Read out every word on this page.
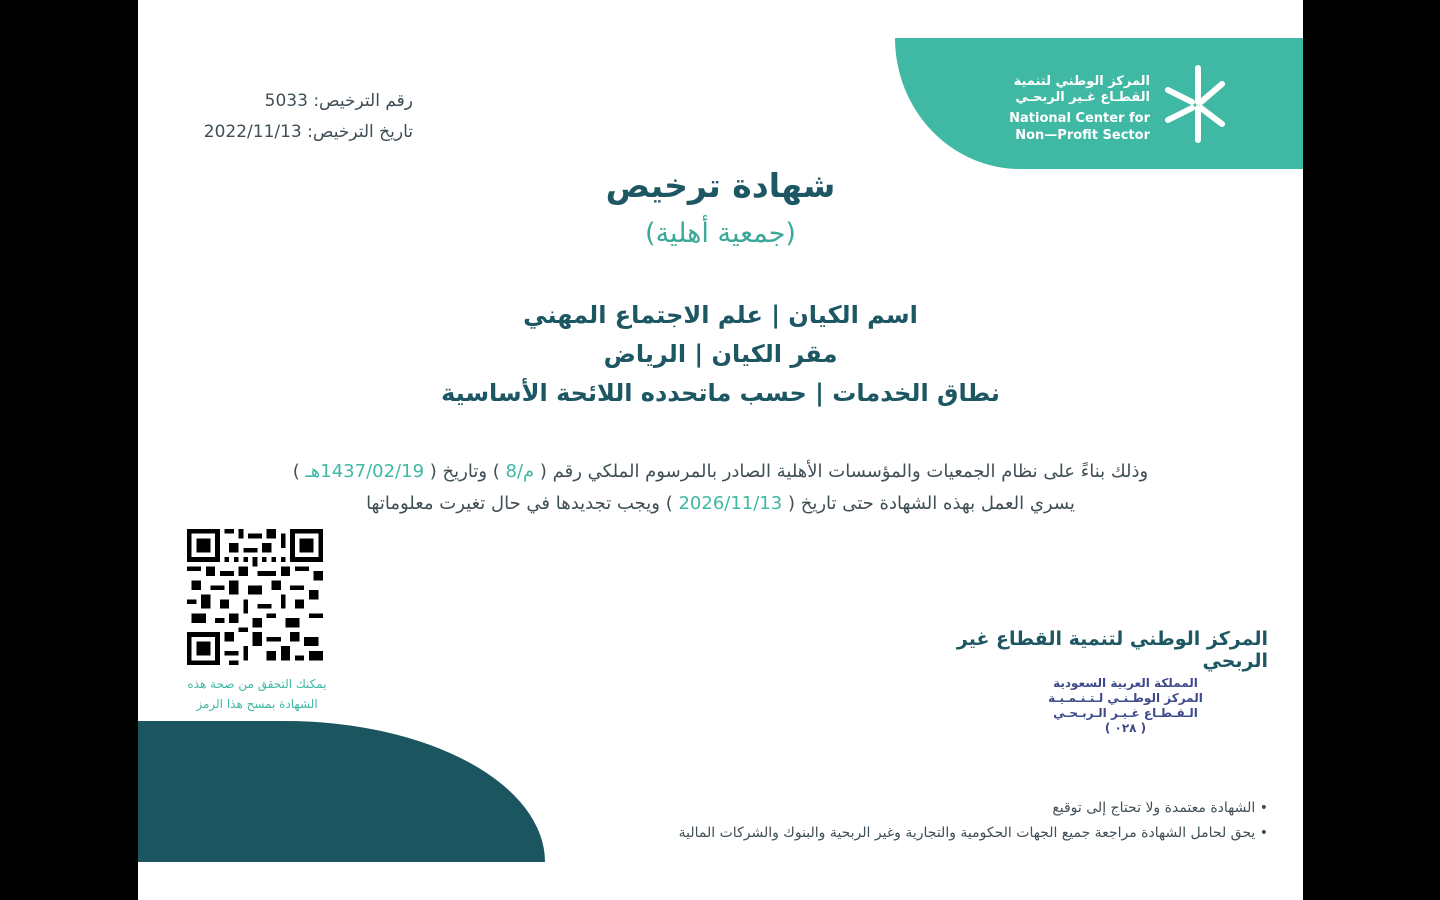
المركز الوطني لتنمية
القطـاع غـير الربحـي
National Center for
Non—Profit Sector
رقم الترخيص: 5033
تاريخ الترخيص: 2022/11/13
شهادة ترخيص
(جمعية أهلية)
اسم الكيان | علم الاجتماع المهني
مقر الكيان | الرياض
نطاق الخدمات | حسب ماتحدده اللائحة الأساسية
وذلك بناءً على نظام الجمعيات والمؤسسات الأهلية الصادر بالمرسوم الملكي رقم ( م/8 ) وتاريخ ( 1437/02/19هـ )
يسري العمل بهذه الشهادة حتى تاريخ ( 2026/11/13 ) ويجب تجديدها في حال تغيرت معلوماتها
يمكنك التحقق من صحة هذه
الشهادة بمسح هذا الرمز
المركز الوطني لتنمية القطاع غير الربحي
المملكة العربية السعودية
المركز الوطـنـي لـتـنـمـيـة
الـقـطـاع غـيـر الـربـحـي
( ٠٢٨ )
• الشهادة معتمدة ولا تحتاج إلى توقيع
• يحق لحامل الشهادة مراجعة جميع الجهات الحكومية والتجارية وغير الربحية والبنوك والشركات المالية
